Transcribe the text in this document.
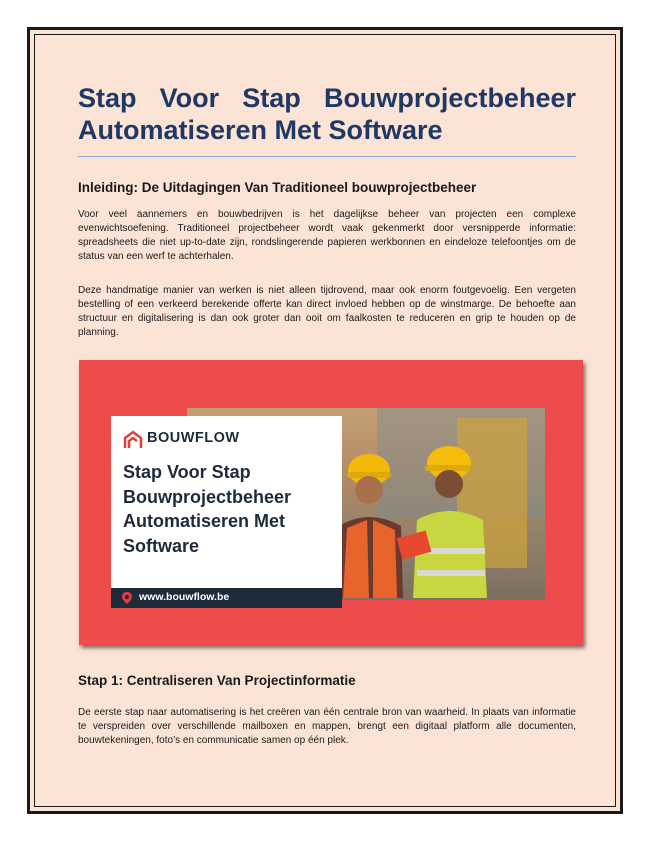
Stap Voor Stap Bouwprojectbeheer Automatiseren Met Software
Inleiding: De Uitdagingen Van Traditioneel bouwprojectbeheer

Voor veel aannemers en bouwbedrijven is het dagelijkse beheer van projecten een complexe evenwichtsoefening. Traditioneel projectbeheer wordt vaak gekenmerkt door versnipperde informatie: spreadsheets die niet up-to-date zijn, rondslingerende papieren werkbonnen en eindeloze telefoontjes om de status van een werf te achterhalen.

Deze handmatige manier van werken is niet alleen tijdrovend, maar ook enorm foutgevoelig. Een vergeten bestelling of een verkeerd berekende offerte kan direct invloed hebben op de winstmarge. De behoefte aan structuur en digitalisering is dan ook groter dan ooit om faalkosten te reduceren en grip te houden op de planning.

BOUWFLOW
Stap Voor Stap
Bouwprojectbeheer
Automatiseren Met
Software
www.bouwflow.be
Stap 1: Centraliseren Van Projectinformatie

De eerste stap naar automatisering is het creëren van één centrale bron van waarheid. In plaats van informatie te verspreiden over verschillende mailboxen en mappen, brengt een digitaal platform alle documenten, bouwtekeningen, foto’s en communicatie samen op één plek.
